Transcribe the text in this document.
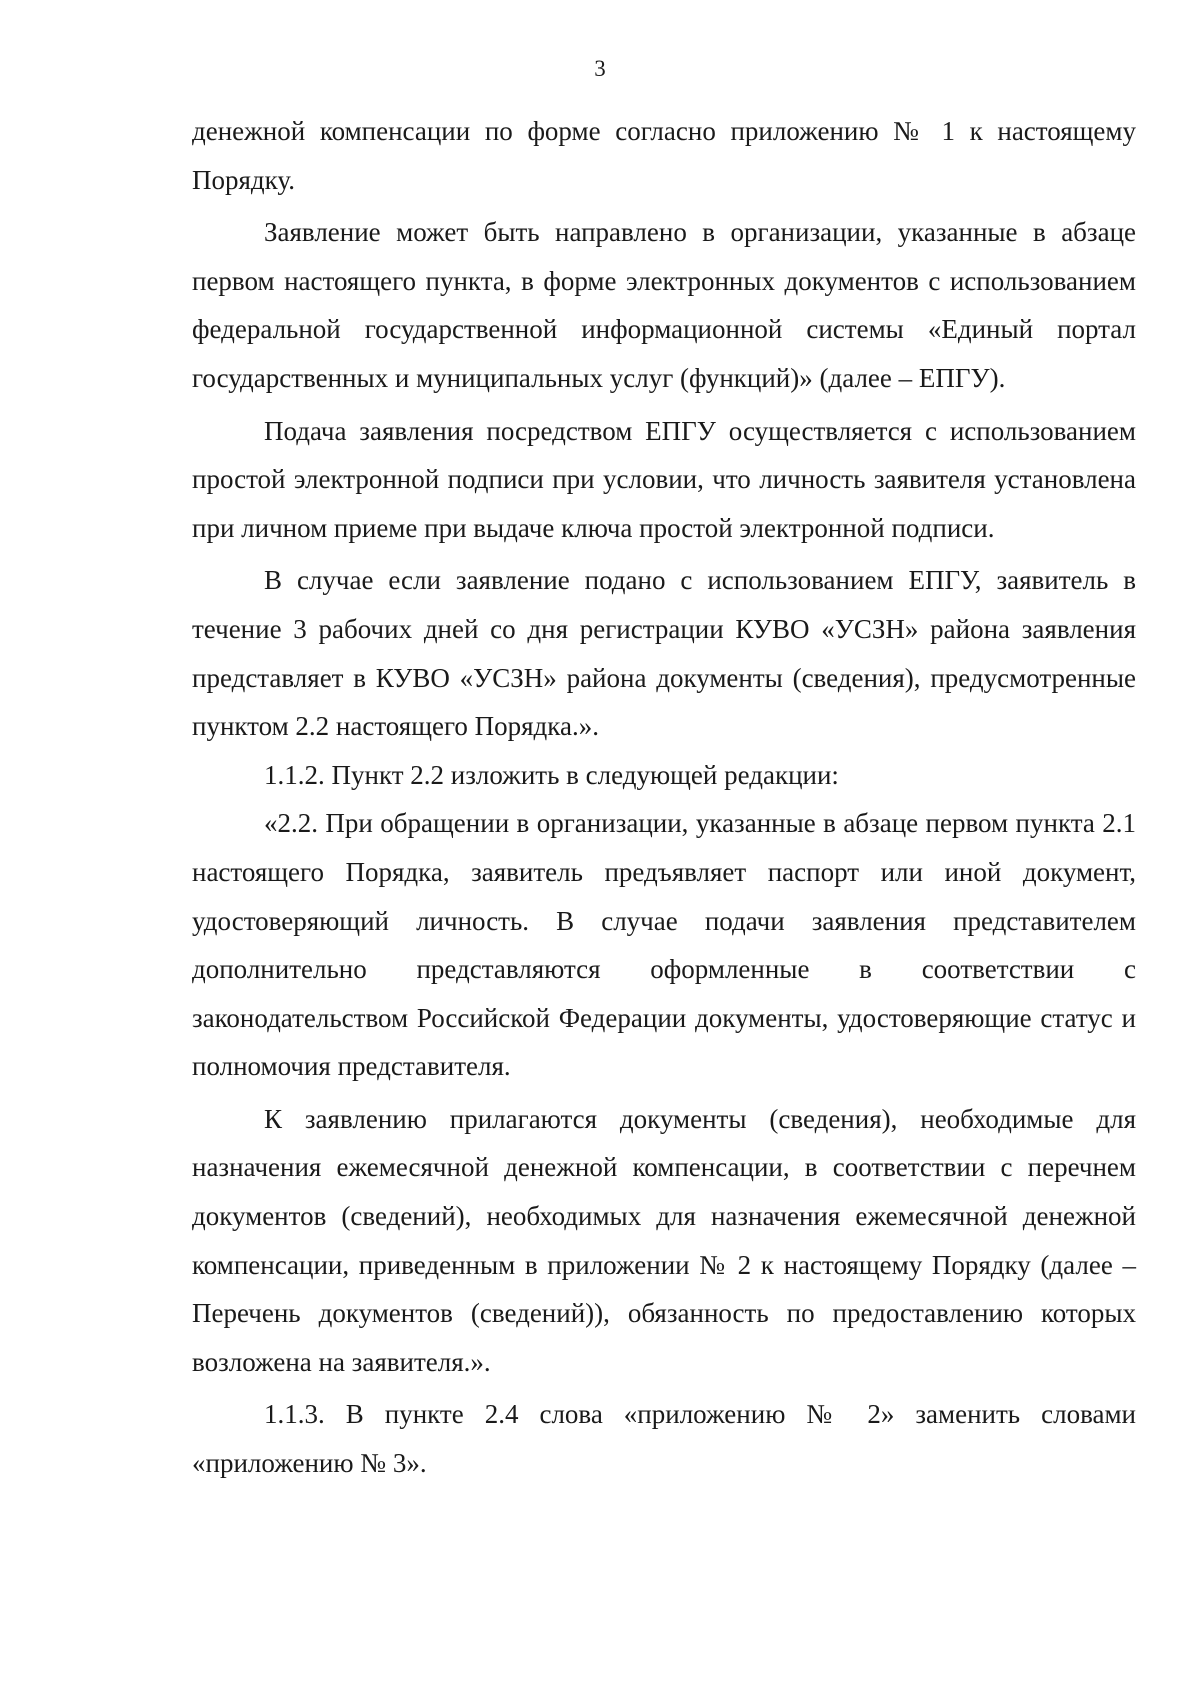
3

денежной компенсации по форме согласно приложению № 1 к настоящему Порядку.

Заявление может быть направлено в организации, указанные в абзаце первом настоящего пункта, в форме электронных документов с использованием федеральной государственной информационной системы «Единый портал государственных и муниципальных услуг (функций)» (далее – ЕПГУ).

Подача заявления посредством ЕПГУ осуществляется с использованием простой электронной подписи при условии, что личность заявителя установлена при личном приеме при выдаче ключа простой электронной подписи.

В случае если заявление подано с использованием ЕПГУ, заявитель в течение 3 рабочих дней со дня регистрации КУВО «УСЗН» района заявления представляет в КУВО «УСЗН» района документы (сведения), предусмотренные пунктом 2.2 настоящего Порядка.».

1.1.2. Пункт 2.2 изложить в следующей редакции:

«2.2. При обращении в организации, указанные в абзаце первом пункта 2.1 настоящего Порядка, заявитель предъявляет паспорт или иной документ, удостоверяющий личность. В случае подачи заявления представителем дополнительно представляются оформленные в соответствии с законодательством Российской Федерации документы, удостоверяющие статус и полномочия представителя.

К заявлению прилагаются документы (сведения), необходимые для назначения ежемесячной денежной компенсации, в соответствии с перечнем документов (сведений), необходимых для назначения ежемесячной денежной компенсации, приведенным в приложении № 2 к настоящему Порядку (далее – Перечень документов (сведений)), обязанность по предоставлению которых возложена на заявителя.».

1.1.3. В пункте 2.4 слова «приложению № 2» заменить словами «приложению № 3».
